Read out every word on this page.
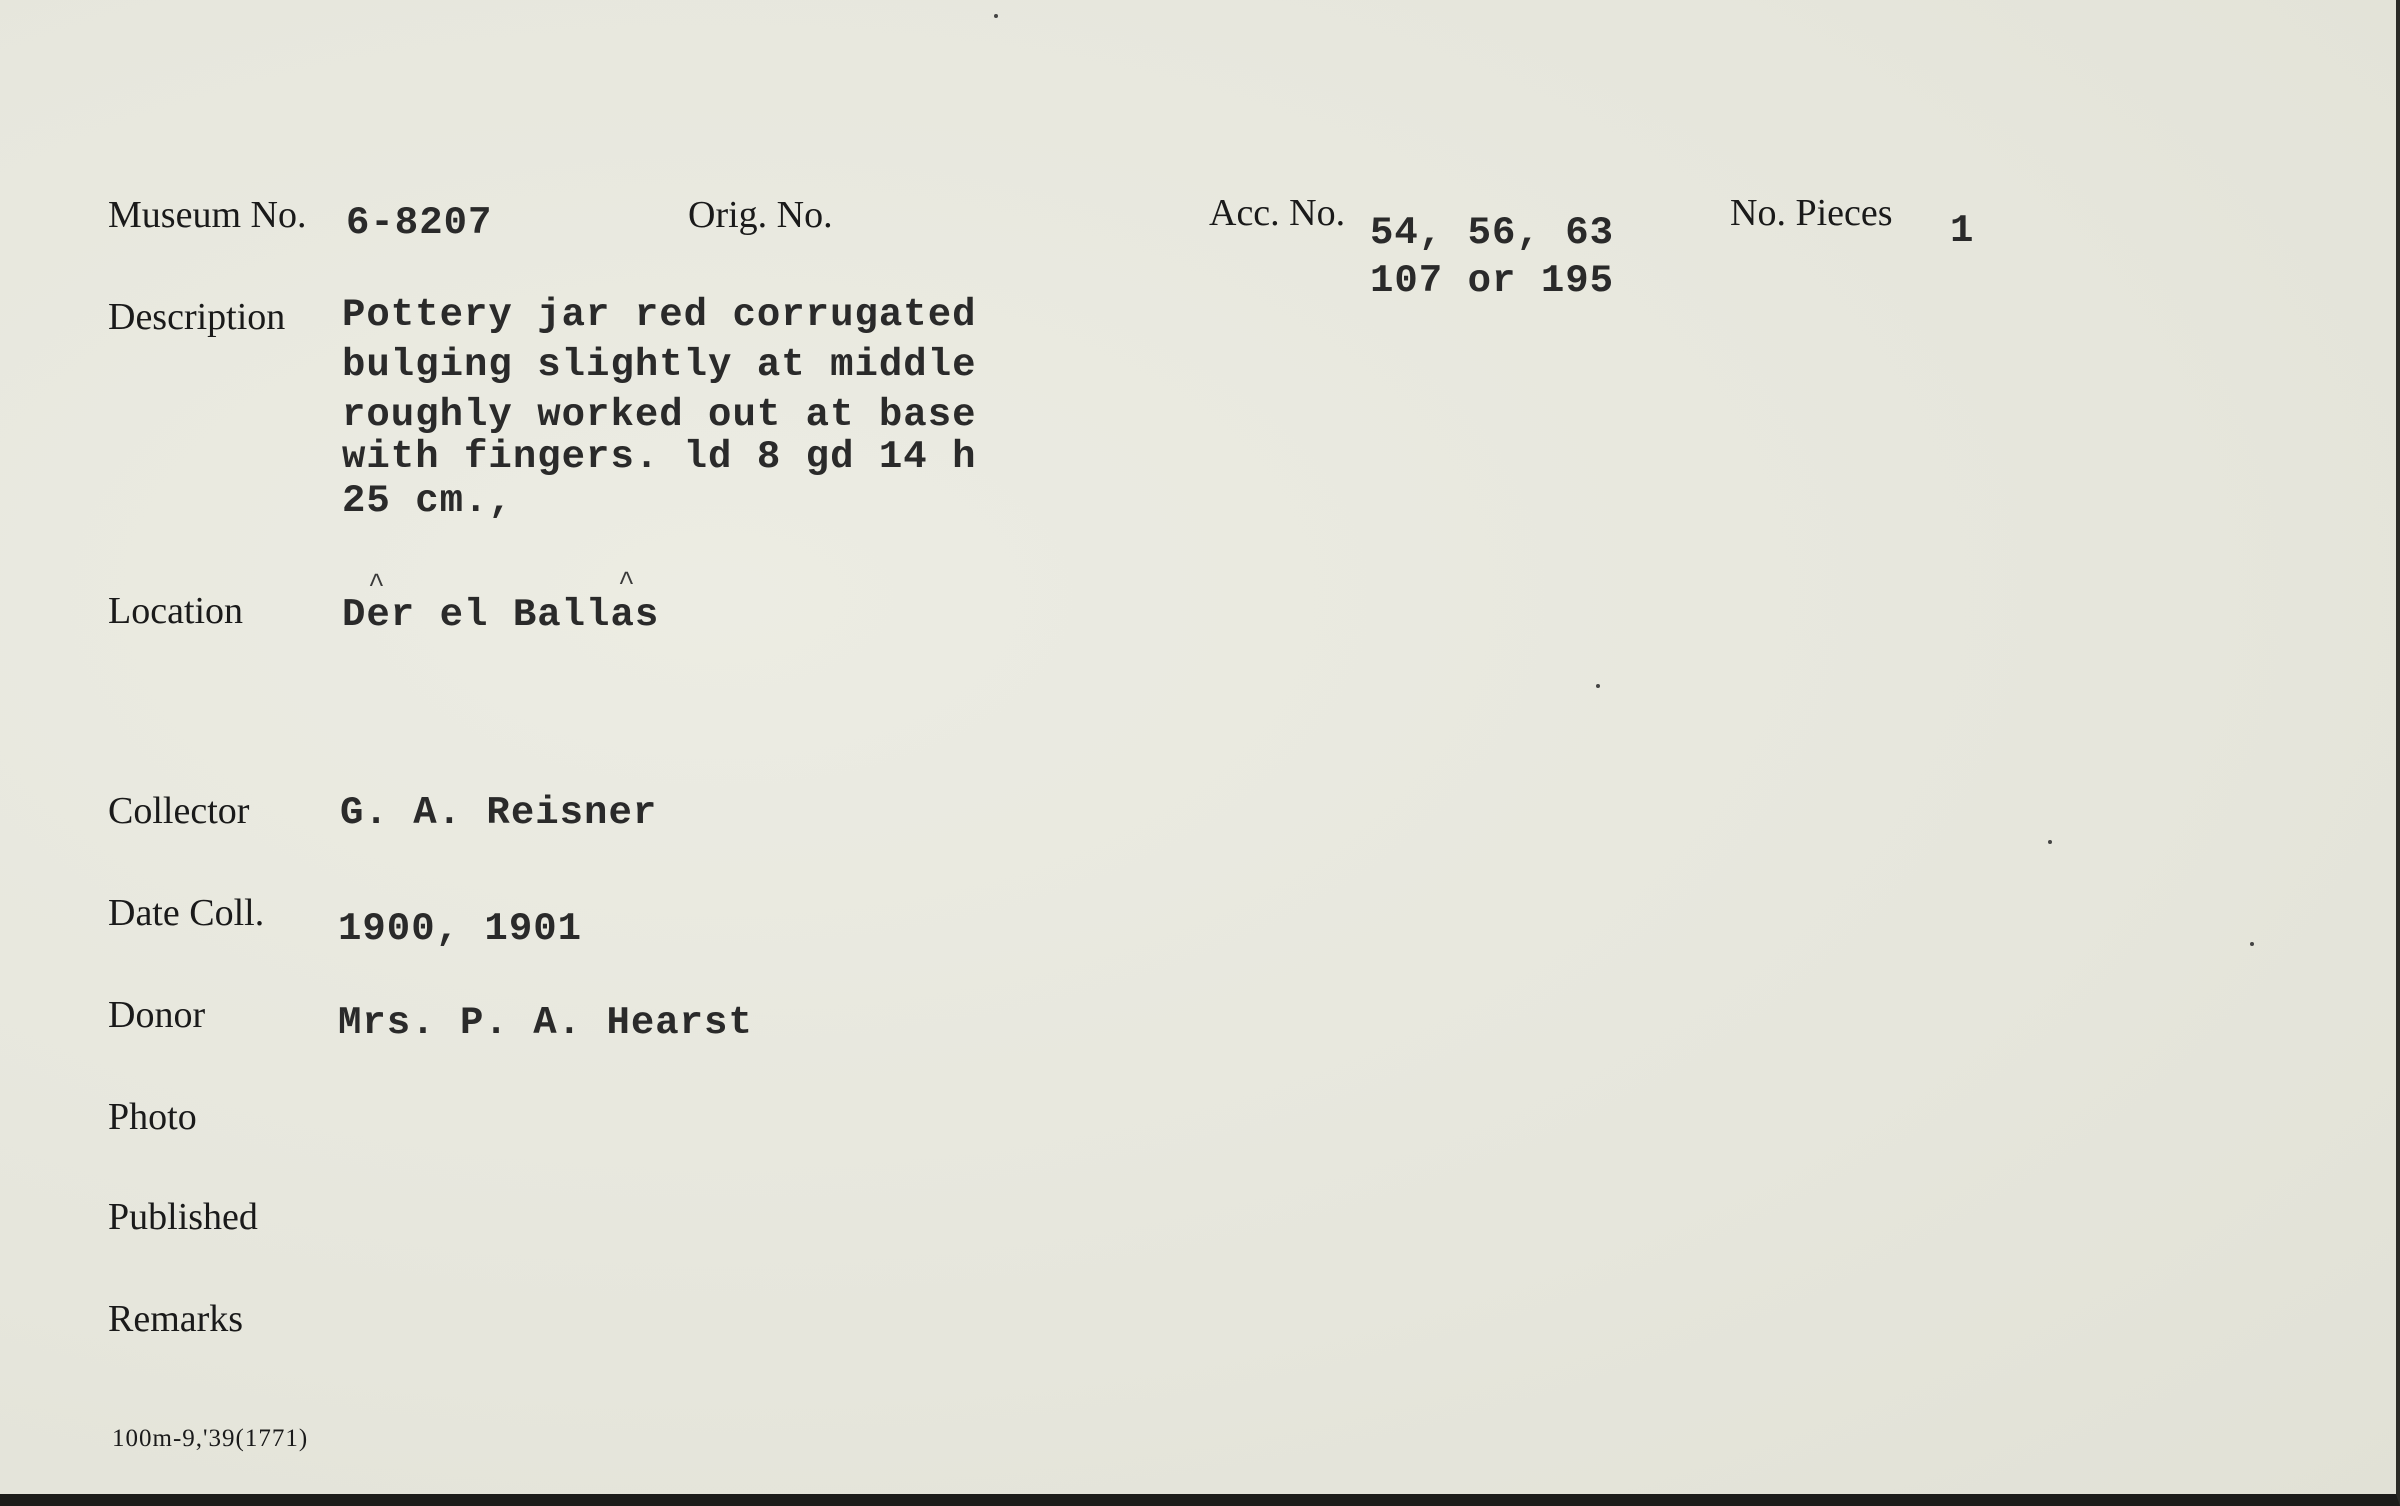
Museum No. 6-8207	Orig. No.	Acc. No. 54, 56, 63
107 or 195
No. Pieces 1
Description Pottery jar red corrugated
bulging slightly at middle
roughly worked out at base
with fingers. ld 8 gd 14 h
25 cm.,
Location
^	^
Der el Ballas
Collector G. A. Reisner
Date Coll. 1900, 1901
Donor	Mrs. P. A. Hearst
Photo
Published
Remarks
100m-9,'39(1771)
